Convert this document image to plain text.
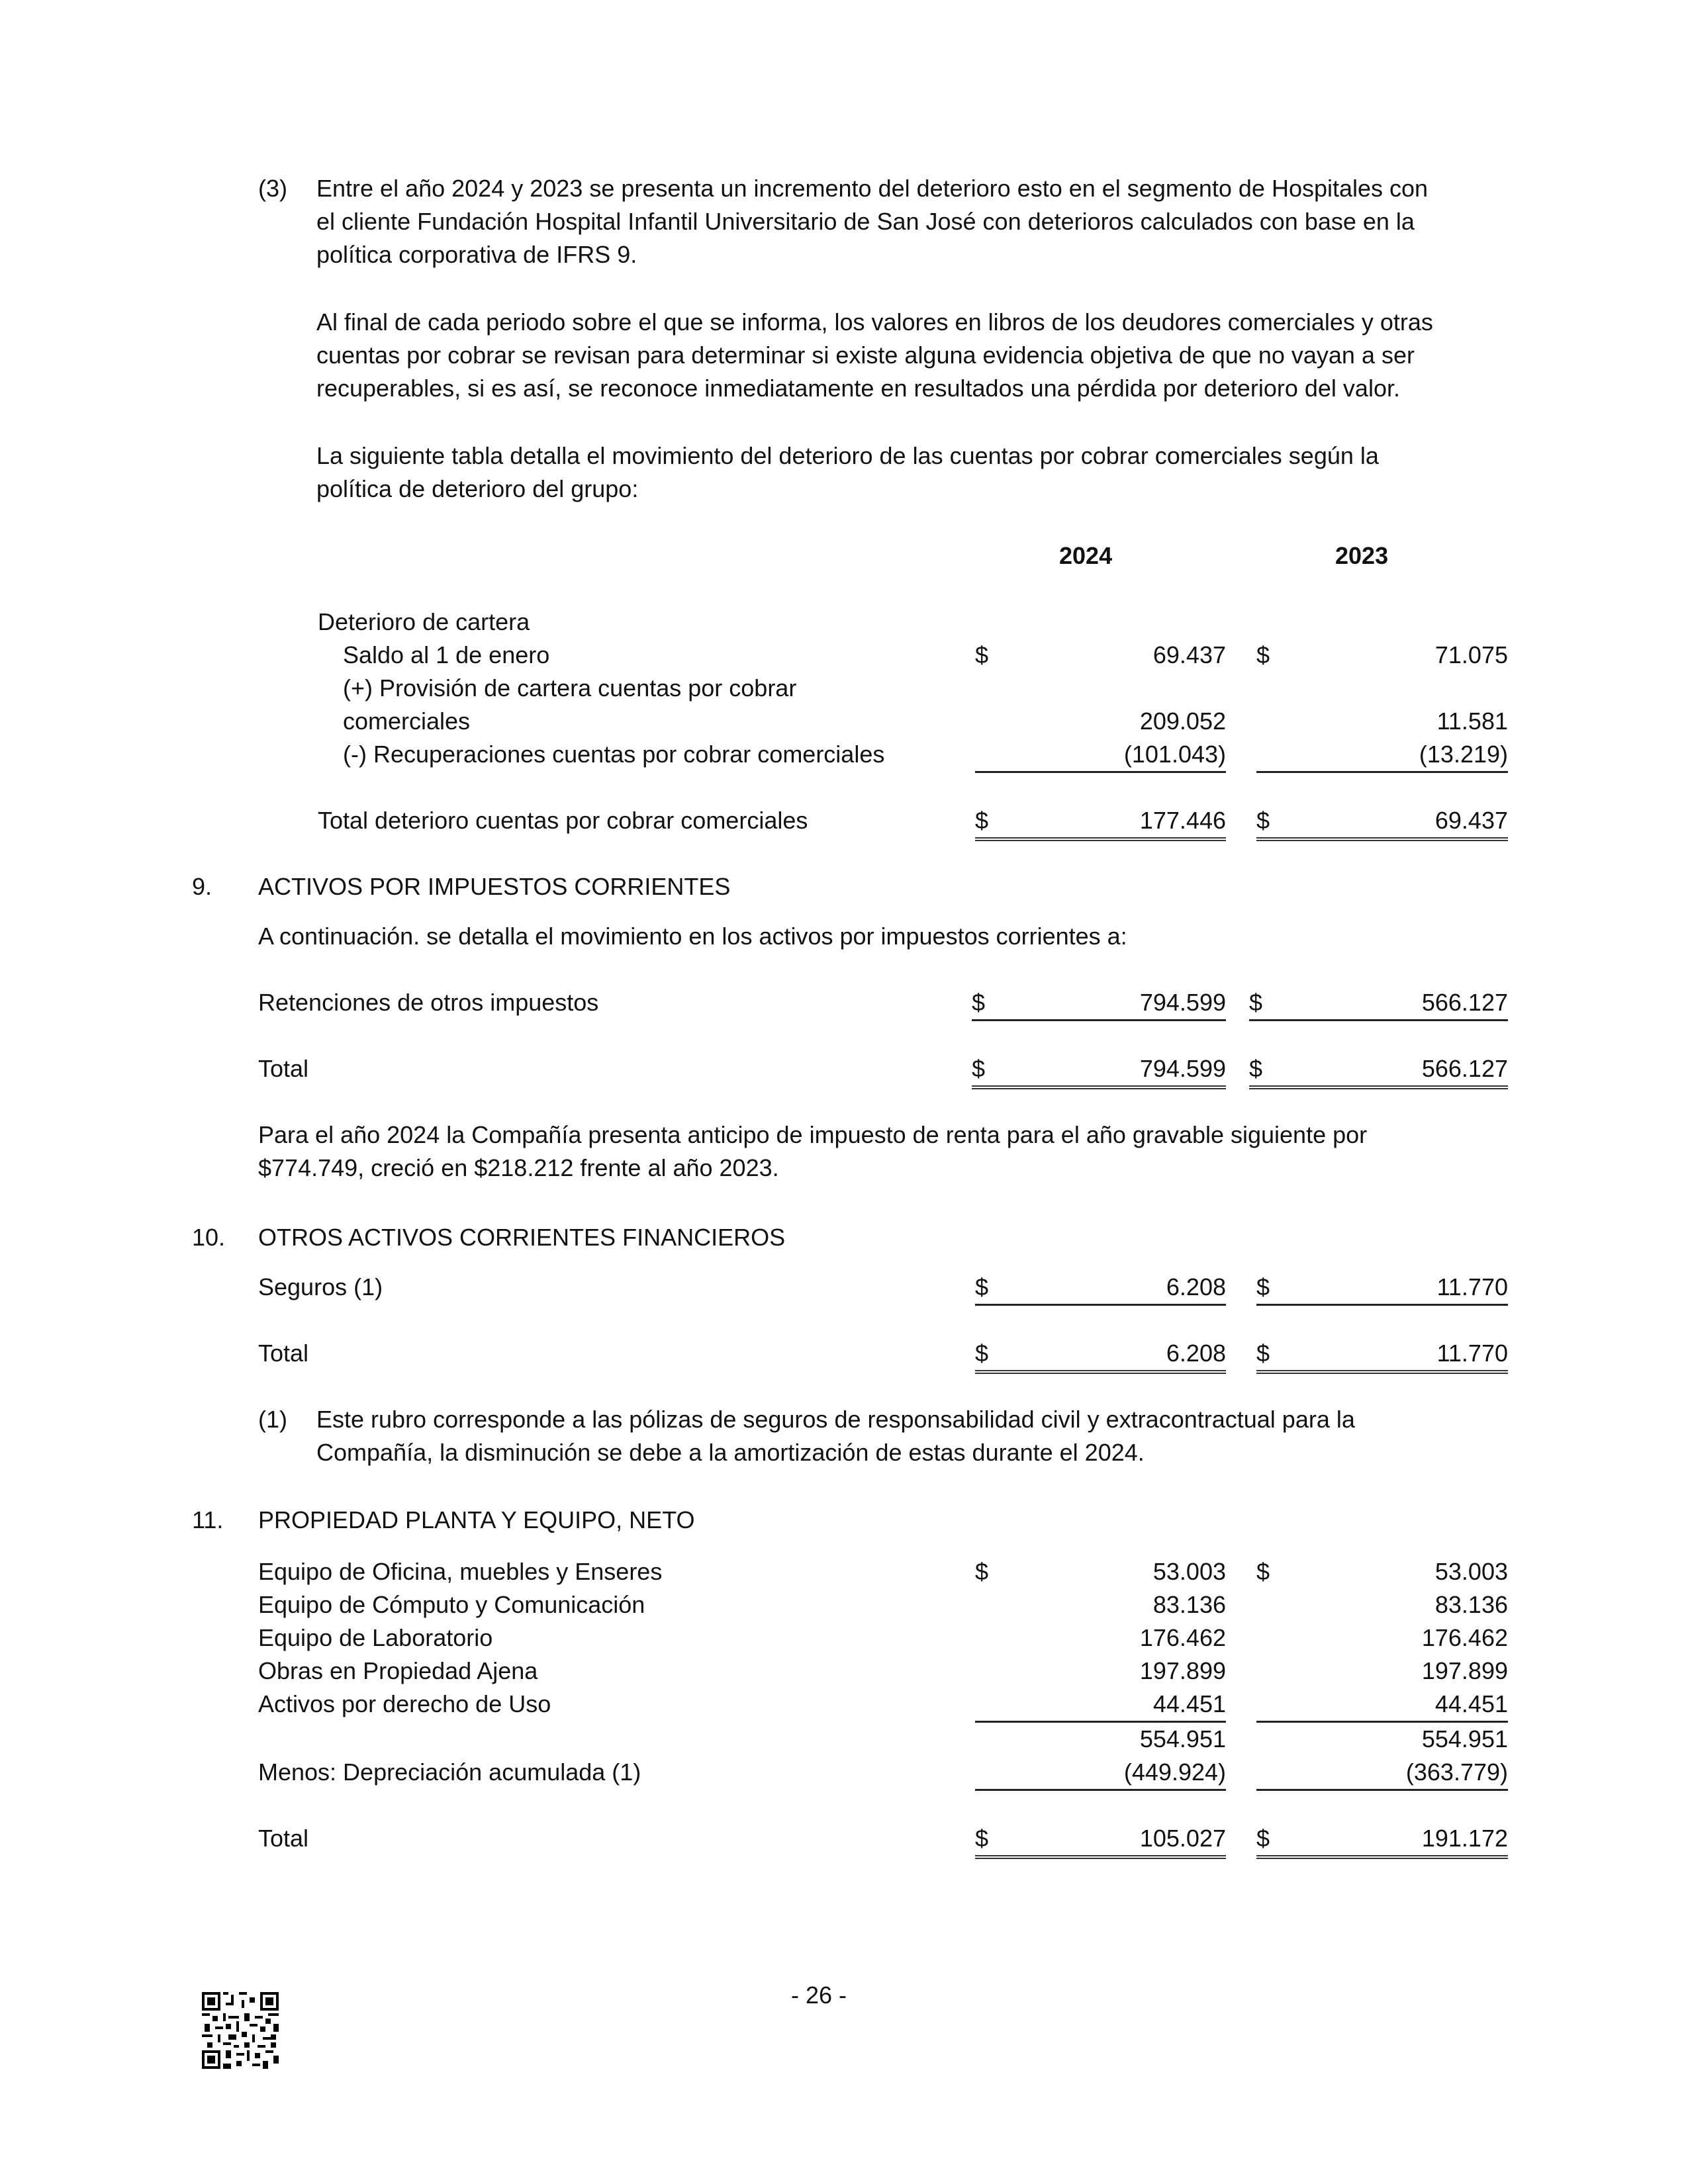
(3) Entre el año 2024 y 2023 se presenta un incremento del deterioro esto en el segmento de Hospitales con
el cliente Fundación Hospital Infantil Universitario de San José con deterioros calculados con base en la
política corporativa de IFRS 9.
Al final de cada periodo sobre el que se informa, los valores en libros de los deudores comerciales y otras
cuentas por cobrar se revisan para determinar si existe alguna evidencia objetiva de que no vayan a ser
recuperables, si es así, se reconoce inmediatamente en resultados una pérdida por deterioro del valor.
La siguiente tabla detalla el movimiento del deterioro de las cuentas por cobrar comerciales según la
política de deterioro del grupo:
2024	2023
Deterioro de cartera
Saldo al 1 de enero	$	69.437 $	71.075
(+) Provisión de cartera cuentas por cobrar
comerciales	209.052	11.581
(-) Recuperaciones cuentas por cobrar comerciales	(101.043)	(13.219)
Total deterioro cuentas por cobrar comerciales	$	177.446 $	69.437
9. ACTIVOS POR IMPUESTOS CORRIENTES
A continuación. se detalla el movimiento en los activos por impuestos corrientes a:
Retenciones de otros impuestos	$	794.599 $	566.127
Total	$	794.599 $	566.127
Para el año 2024 la Compañía presenta anticipo de impuesto de renta para el año gravable siguiente por
$774.749, creció en $218.212 frente al año 2023.
10. OTROS ACTIVOS CORRIENTES FINANCIEROS
Seguros (1)	$	6.208 $	11.770
Total	$	6.208 $	11.770
(1) Este rubro corresponde a las pólizas de seguros de responsabilidad civil y extracontractual para la
Compañía, la disminución se debe a la amortización de estas durante el 2024.
11. PROPIEDAD PLANTA Y EQUIPO, NETO
Equipo de Oficina, muebles y Enseres	$	53.003 $	53.003
Equipo de Cómputo y Comunicación	83.136	83.136
Equipo de Laboratorio	176.462	176.462
Obras en Propiedad Ajena	197.899	197.899
Activos por derecho de Uso	44.451	44.451
554.951	554.951
Menos: Depreciación acumulada (1)	(449.924)	(363.779)
Total	$	105.027 $	191.172
- 26 -
